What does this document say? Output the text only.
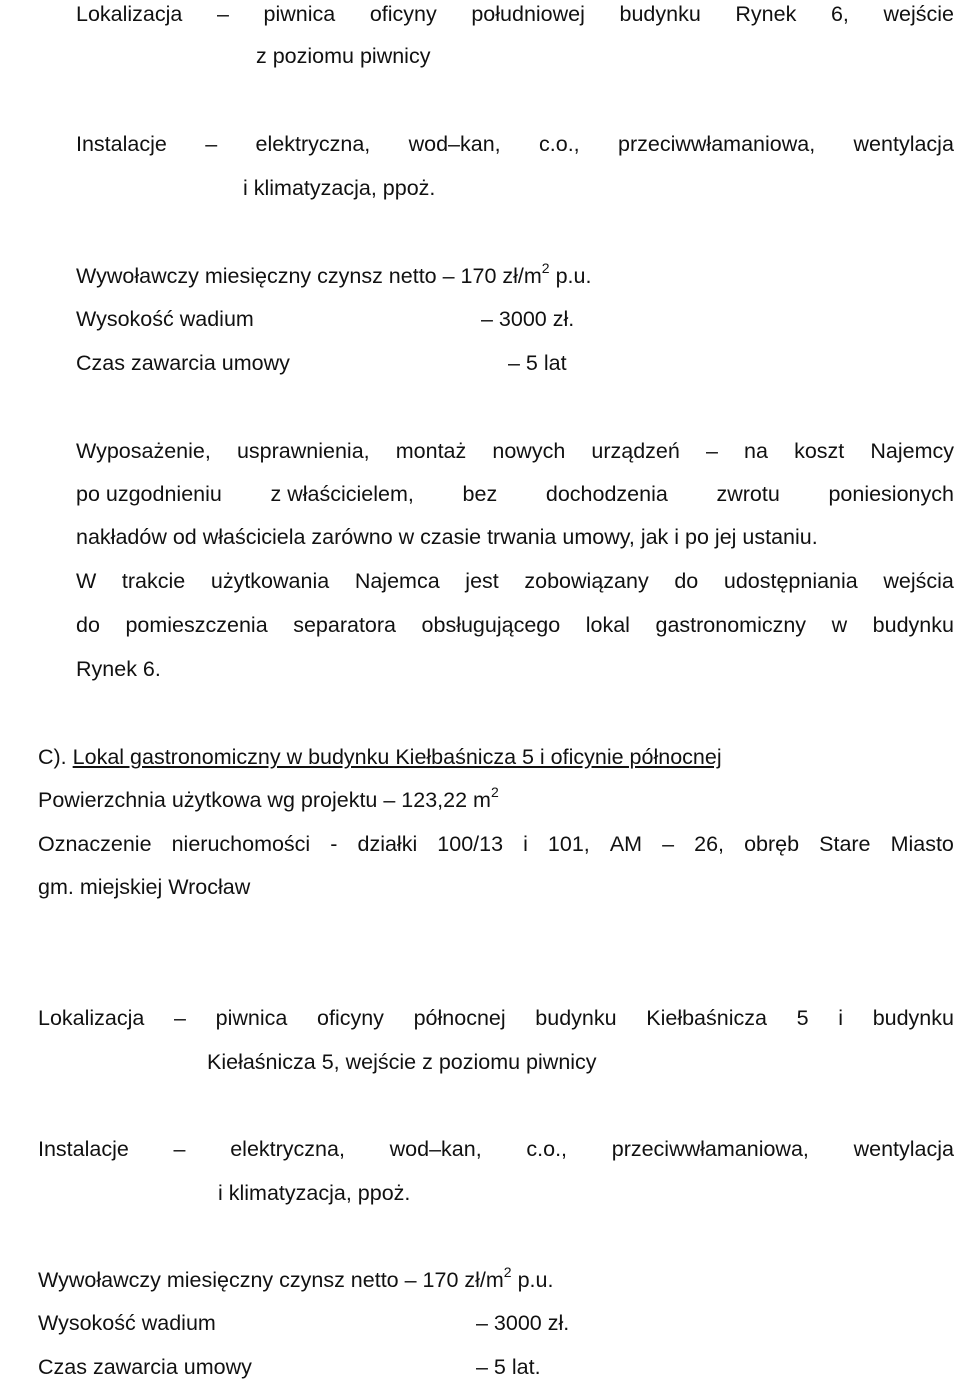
Lokalizacja – piwnica oficyny południowej budynku Rynek 6, wejście
z poziomu piwnicy
Instalacje – elektryczna, wod–kan, c.o., przeciwwłamaniowa, wentylacja
i klimatyzacja, ppoż.
Wywoławczy miesięczny czynsz netto – 170 $zł/m^2$ p.u.
Wysokość wadium	– 3000 zł.
Czas zawarcia umowy	– 5 lat
Wyposażenie, usprawnienia, montaż nowych urządzeń – na koszt Najemcy
po uzgodnieniu z właścicielem, bez dochodzenia zwrotu poniesionych
nakładów od właściciela zarówno w czasie trwania umowy, jak i po jej ustaniu.
W trakcie użytkowania Najemca jest zobowiązany do udostępniania wejścia
do pomieszczenia separatora obsługującego lokal gastronomiczny w budynku
Rynek 6.
C). Lokal gastronomiczny w budynku Kiełbaśnicza 5 i oficynie północnej
Powierzchnia użytkowa wg projektu – 123,22 $m^2$
Oznaczenie nieruchomości - działki 100/13 i 101, AM – 26, obręb Stare Miasto
gm. miejskiej Wrocław
Lokalizacja – piwnica oficyny północnej budynku Kiełbaśnicza 5 i budynku
Kiełaśnicza 5, wejście z poziomu piwnicy
Instalacje – elektryczna, wod–kan, c.o., przeciwwłamaniowa, wentylacja
i klimatyzacja, ppoż.
Wywoławczy miesięczny czynsz netto – 170 $zł/m^2$ p.u.
Wysokość wadium	– 3000 zł.
Czas zawarcia umowy	– 5 lat.
